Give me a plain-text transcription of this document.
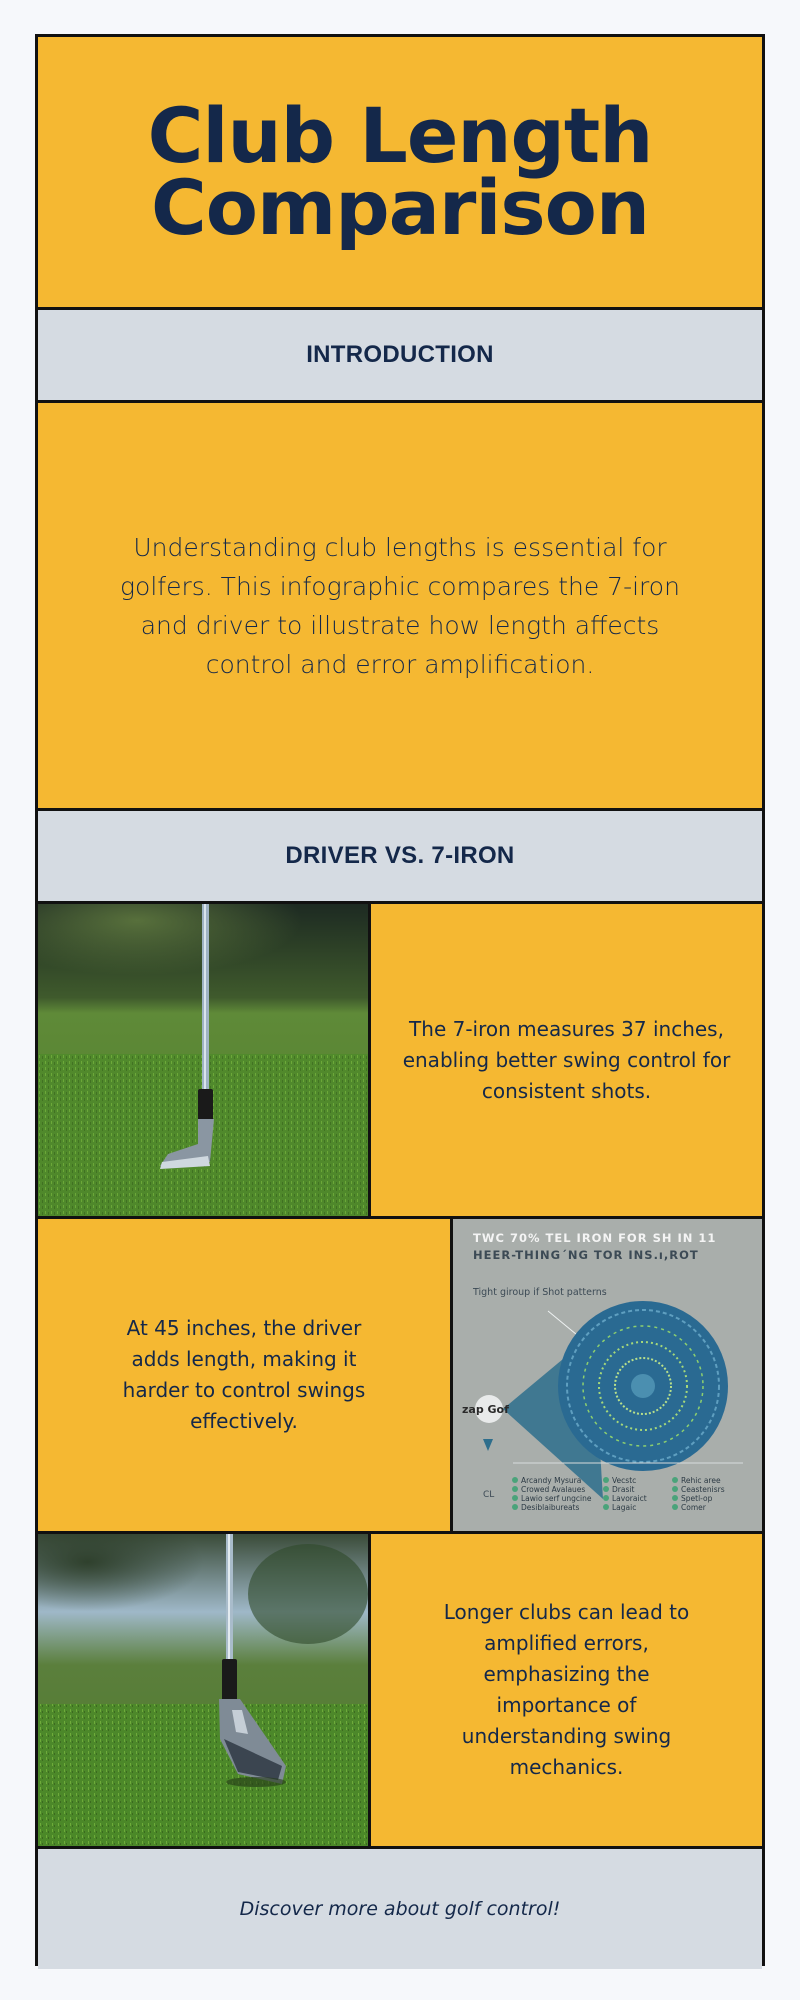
Club Length
Comparison
INTRODUCTION

Understanding club lengths is essential for golfers. This infographic compares the 7-iron and driver to illustrate how length affects control and error amplification.

DRIVER VS. 7-IRON

The 7-iron measures 37 inches, enabling better swing control for consistent shots.

At 45 inches, the driver adds length, making it harder to control swings effectively.

TWC 70% TEL IRON FOR SH IN 11
HEER-THING´NG TOR INS.ı,ROT
Tight giroup if Shot patterns
zap Gof
CL
Arcandy Mysura
Crowed Avalaues
Lawio serf ungcine
Desiblaibureats
Vecstc
Drasit
Lavoraict
Lagaic
Rehic aree
Ceastenisrs
Spetl-op
Comer

Longer clubs can lead to amplified errors, emphasizing the importance of understanding swing mechanics.

Discover more about golf control!
